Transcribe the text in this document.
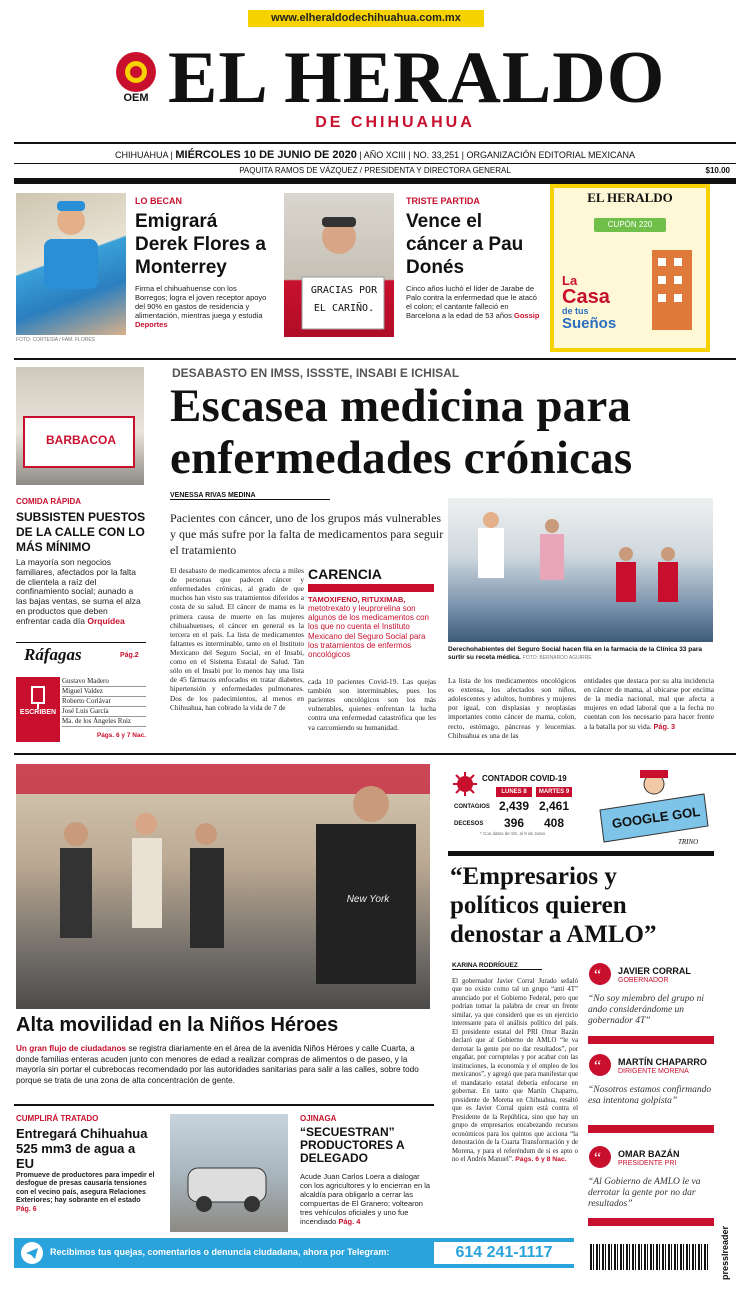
www.elheraldodechihuahua.com.mx
OEM EL HERALDO
DE CHIHUAHUA
CHIHUAHUA | MIÉRCOLES 10 DE JUNIO DE 2020 | AÑO XCIII | NO. 33,251 | ORGANIZACIÓN EDITORIAL MEXICANA
PAQUITA RAMOS DE VÁZQUEZ / PRESIDENTA Y DIRECTORA GENERAL	$10.00
FOTO: CORTESÍA / FAM. FLORES
LO BECAN
Emigrará Derek Flores a Monterrey
Firma el chihuahuense con los Borregos; logra el joven receptor apoyo del 90% en gastos de residencia y alimentación, mientras juega y estudia Deportes
GRACIAS POR
EL CARIÑO.
TRISTE PARTIDA
Vence el cáncer a Pau Donés
Cinco años luchó el líder de Jarabe de Palo contra la enfermedad que le atacó el colon; el cantante falleció en Barcelona a la edad de 53 años Gossip
EL HERALDO
CUPÓN 220
La
Casa
de tus
Sueños
BARBACOA
COMIDA RÁPIDA
SUBSISTEN PUESTOS DE LA CALLE CON LO MÁS MÍNIMO
La mayoría son negocios familiares, afectados por la falta de clientela a raíz del confinamiento social; aunado a las bajas ventas, se suma el alza en productos que deben enfrentar cada día Orquídea
Ráfagas	Pág.2
ESCRIBEN
Gustavo Madero
Miguel Valdez
Roberto Corlávar
José Luis García
Ma. de los Ángeles Ruiz
Págs. 6 y 7 Nac.
DESABASTO EN IMSS, ISSSTE, INSABI E ICHISAL
Escasea medicina para enfermedades crónicas
VENESSA RIVAS MEDINA
Pacientes con cáncer, uno de los grupos más vulnerables y que más sufre por la falta de medicamentos para seguir el tratamiento
El desabasto de medicamentos afecta a miles de personas que padecen cáncer y enfermedades crónicas, al grado de que muchos han visto sus tratamientos diferidos a costa de su salud. El cáncer de mama es la primera causa de muerte en las mujeres chihuahuenses, el cáncer en general es la tercera en el país. La lista de medicamentos faltantes es interminable, tanto en el Instituto Mexicano del Seguro Social, en el Insabi, como en el Sistema Estatal de Salud. Tan sólo en el Insabi por lo menos hay una lista de 45 fármacos enfocados en tratar diabetes, hipertensión y enfermedades pulmonares. Dos de los padecimientos, al menos en Chihuahua, han cobrado la vida de 7 de
CARENCIA
TAMOXIFENO, RITUXIMAB,
metotrexato y leuprorelina son algunos de los medicamentos con los que no cuenta el Instituto Mexicano del Seguro Social para los tratamientos de enfermos oncológicos
cada 10 pacientes Covid-19. Las quejas también son interminables, pues los pacientes oncológicos son los más vulnerables, quienes enfrentan la lucha contra una enfermedad catastrófica que les va carcomiendo su humanidad.
Derechohabientes del Seguro Social hacen fila en la farmacia de la Clínica 33 para surtir su receta médica. FOTO: BERNARDO AGUIRRE
La lista de los medicamentos oncológicos es extensa, los afectados son niños, adolescentes y adultos, hombres y mujeres por igual, con displasias y neoplasias importantes como cáncer de mama, colon, recto, estómago, páncreas y leucemias. Chihuahua es una de las
entidades que destaca por su alta incidencia en cáncer de mama, al ubicarse por encima de la media nacional, mal que afecta a mujeres en edad laboral que a la fecha no cuentan con los necesario para hacer frente a la batalla por su vida. Pág. 3
New York
Alta movilidad en la Niños Héroes
Un gran flujo de ciudadanos se registra diariamente en el área de la avenida Niños Héroes y calle Cuarta, a donde familias enteras acuden junto con menores de edad a realizar compras de alimentos o de paseo, y la mayoría sin portar el cubrebocas recomendado por las autoridades sanitarias para salir a las calles, sobre todo porque se trata de una zona de alta concentración de gente.
CONTADOR COVID-19
LUNES 8	MARTES 9
CONTAGIOS 2,439 2,461
DECESOS	396	408
* Con datos de SS, al 9 de Junio
GOOGLE GOL
TRINO
“Empresarios y políticos quieren denostar a AMLO”
KARINA RODRÍGUEZ
El gobernador Javier Corral Jurado señaló que no existe como tal un grupo “anti 4T” anunciado por el Gobierno Federal, pero que podrían tomar la palabra de crear un frente similar, ya que consideró que es un ejercicio interesante para el análisis político del país. El presidente estatal del PRI Omar Bazán declaró que al Gobierno de AMLO “le va derrotar la gente por no dar resultados”, por engañar, por corruptelas y por acabar con las instituciones, la economía y el empleo de los mexicanos”, y agregó que para manifestar que el mandatario estatal debería enfocarse en gobernar. En tanto que Martín Chaparro, presidente de Morena en Chihuahua, resaltó que es Javier Corral quien está contra el Presidente de la República, sino que hay un grupo de empresarios encabezando recursos económicos para los quintos que acciona “la denostación de la Cuarta Transformación y de Morena, y para el referéndum de si es apto o no el Andrés Manuel”. Págs. 6 y 8 Nac.
“ JAVIER CORRAL
GOBERNADOR
“No soy miembro del grupo ni ando considerándome un gobernador 4T”
“ MARTÍN CHAPARRO
DIRIGENTE MORENA
“Nosotros estamos confirmando esa intentona golpista”
“ OMAR BAZÁN
PRESIDENTE PRI
“Al Gobierno de AMLO le va derrotar la gente por no dar resultados”
CUMPLIRÁ TRATADO
Entregará Chihuahua 525 mm3 de agua a EU
Promueve de productores para impedir el desfogue de presas causaría tensiones con el vecino país, asegura Relaciones Exteriores; hay sobrante en el estado Pág. 6
OJINAGA
“SECUESTRAN” PRODUCTORES A DELEGADO
Acude Juan Carlos Loera a dialogar con los agricultores y lo encierran en la alcaldía para obligarlo a cerrar las compuertas de El Granero; voltearon tres vehículos oficiales y uno fue incendiado Pág. 4
Recibimos tus quejas, comentarios o denuncia ciudadana, ahora por Telegram:	614 241-1117	presslreader
